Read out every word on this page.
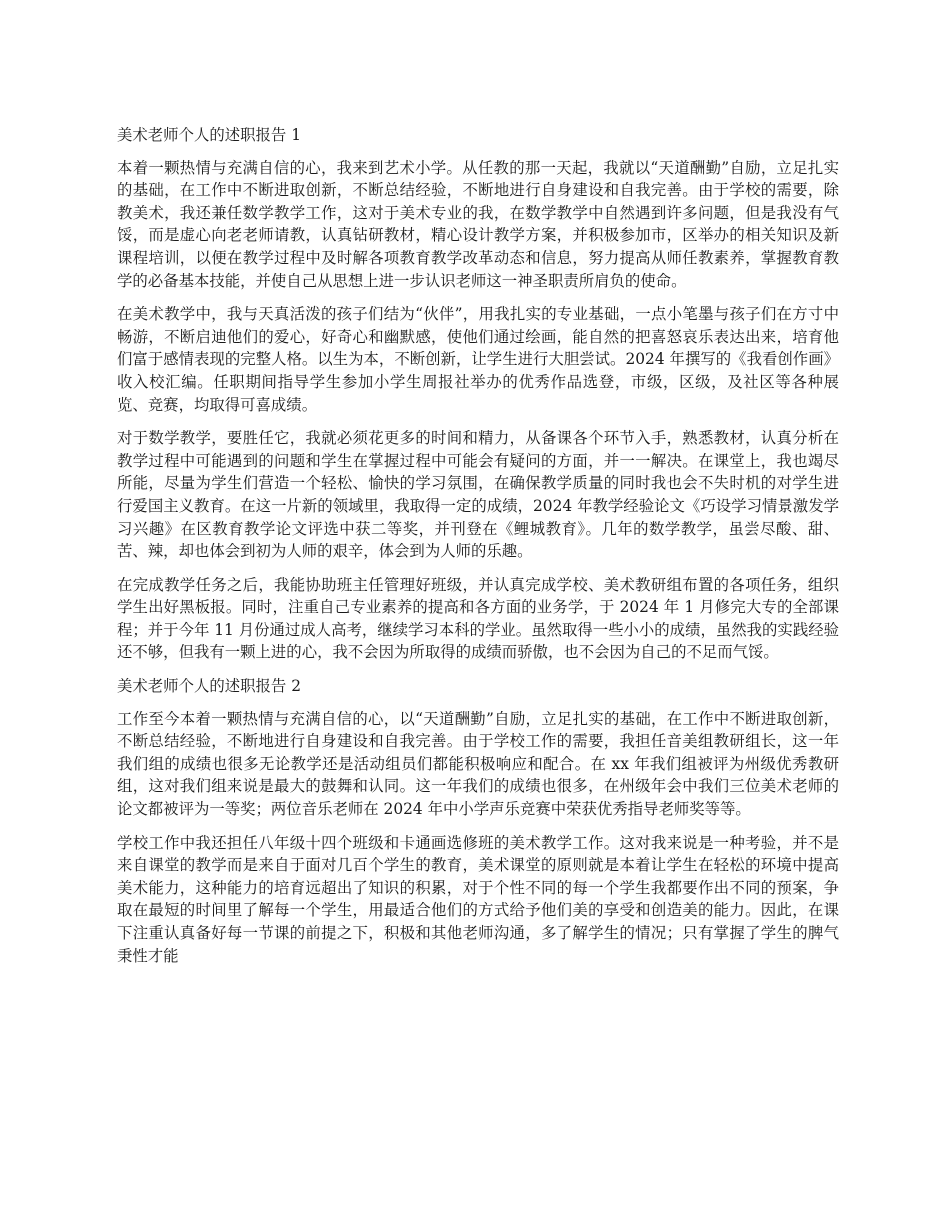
美术老师个人的述职报告 1

本着一颗热情与充满自信的心，我来到艺术小学。从任教的那一天起，我就以“天道酬勤”自励，立足扎实的基础，在工作中不断进取创新，不断总结经验，不断地进行自身建设和自我完善。由于学校的需要，除教美术，我还兼任数学教学工作，这对于美术专业的我，在数学教学中自然遇到许多问题，但是我没有气馁，而是虚心向老老师请教，认真钻研教材，精心设计教学方案，并积极参加市，区举办的相关知识及新课程培训，以便在教学过程中及时解各项教育教学改革动态和信息，努力提高从师任教素养，掌握教育教学的必备基本技能，并使自己从思想上进一步认识老师这一神圣职责所肩负的使命。

在美术教学中，我与天真活泼的孩子们结为“伙伴”，用我扎实的专业基础，一点小笔墨与孩子们在方寸中畅游，不断启迪他们的爱心，好奇心和幽默感，使他们通过绘画，能自然的把喜怒哀乐表达出来，培育他们富于感情表现的完整人格。以生为本，不断创新，让学生进行大胆尝试。2024 年撰写的《我看创作画》收入校汇编。任职期间指导学生参加小学生周报社举办的优秀作品选登，市级，区级，及社区等各种展览、竞赛，均取得可喜成绩。

对于数学教学，要胜任它，我就必须花更多的时间和精力，从备课各个环节入手，熟悉教材，认真分析在教学过程中可能遇到的问题和学生在掌握过程中可能会有疑问的方面，并一一解决。在课堂上，我也竭尽所能，尽量为学生们营造一个轻松、愉快的学习氛围，在确保教学质量的同时我也会不失时机的对学生进行爱国主义教育。在这一片新的领域里，我取得一定的成绩，2024 年教学经验论文《巧设学习情景激发学习兴趣》在区教育教学论文评选中获二等奖，并刊登在《鲤城教育》。几年的数学教学，虽尝尽酸、甜、苦、辣，却也体会到初为人师的艰辛，体会到为人师的乐趣。

在完成教学任务之后，我能协助班主任管理好班级，并认真完成学校、美术教研组布置的各项任务，组织学生出好黑板报。同时，注重自己专业素养的提高和各方面的业务学，于 2024 年 1 月修完大专的全部课程；并于今年 11 月份通过成人高考，继续学习本科的学业。虽然取得一些小小的成绩，虽然我的实践经验还不够，但我有一颗上进的心，我不会因为所取得的成绩而骄傲，也不会因为自己的不足而气馁。

美术老师个人的述职报告 2

工作至今本着一颗热情与充满自信的心，以“天道酬勤”自励，立足扎实的基础，在工作中不断进取创新，不断总结经验，不断地进行自身建设和自我完善。由于学校工作的需要，我担任音美组教研组长，这一年我们组的成绩也很多无论教学还是活动组员们都能积极响应和配合。在 xx 年我们组被评为州级优秀教研组，这对我们组来说是最大的鼓舞和认同。这一年我们的成绩也很多，在州级年会中我们三位美术老师的论文都被评为一等奖；两位音乐老师在 2024 年中小学声乐竞赛中荣获优秀指导老师奖等等。

学校工作中我还担任八年级十四个班级和卡通画选修班的美术教学工作。这对我来说是一种考验，并不是来自课堂的教学而是来自于面对几百个学生的教育，美术课堂的原则就是本着让学生在轻松的环境中提高美术能力，这种能力的培育远超出了知识的积累，对于个性不同的每一个学生我都要作出不同的预案，争取在最短的时间里了解每一个学生，用最适合他们的方式给予他们美的享受和创造美的能力。因此，在课下注重认真备好每一节课的前提之下，积极和其他老师沟通，多了解学生的情况；只有掌握了学生的脾气秉性才能
